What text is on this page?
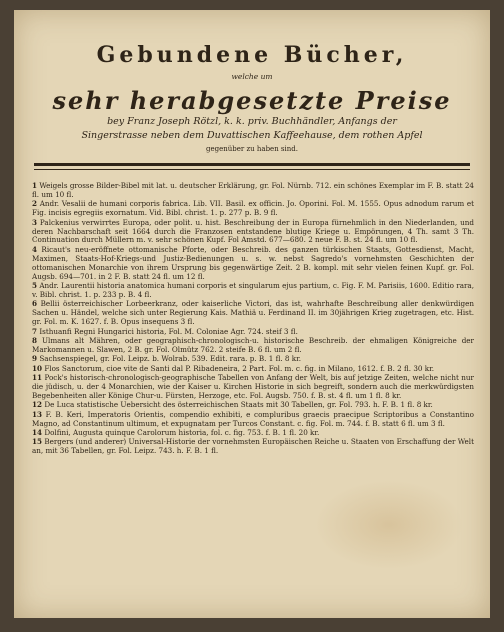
Gebundene Bücher,
welche um
sehr herabgesetzte Preise
bey Franz Joseph Rötzl, k. k. priv. Buchhändler, Anfangs der
Singerstrasse neben dem Duvattischen Kaffeehause, dem rothen Apfel
gegenüber zu haben sind.
1 Weigels grosse Bilder-Bibel mit lat. u. deutscher Erklärung, gr. Fol. Nürnb. 712. ein schönes Exemplar im F. B. statt 24 fl. um 10 fl.
2 Andr. Vesalii de humani corporis fabrica. Lib. VII. Basil. ex officin. Jo. Oporini. Fol. M. 1555. Opus adnodum rarum et Fig. incisis egregiis exornatum. Vid. Bibl. christ. 1. p. 277 p. B. 9 fl.
3 Palckenius verwirrtes Europa, oder polit. u. hist. Beschreibung der in Europa fürnehmlich in den Niederlanden, und deren Nachbarschaft seit 1664 durch die Franzosen entstandene blutige Kriege u. Empörungen, 4 Th. samt 3 Th. Continuation durch Müllern m. v. sehr schönen Kupf. Fol Amstd. 677—680. 2 neue F. B. st. 24 fl. um 10 fl.
4 Ricaut's neu-eröffnete ottomanische Pforte, oder Beschreib. des ganzen türkischen Staats, Gottesdienst, Macht, Maximen, Staats-Hof-Kriegs-und Justiz-Bedienungen u. s. w. nebst Sagredo's vornehmsten Geschichten der ottomanischen Monarchie von ihrem Ursprung bis gegenwärtige Zeit. 2 B. kompl. mit sehr vielen feinen Kupf. gr. Fol. Augsb. 694—701. in 2 F. B. statt 24 fl. um 12 fl.
5 Andr. Laurentii historia anatomica humani corporis et singularum ejus partium, c. Fig. F. M. Parisiis, 1600. Editio rara, v. Bibl. christ. 1. p. 233 p. B. 4 fl.
6 Bellii österreichischer Lorbeerkranz, oder kaiserliche Victori, das ist, wahrhafte Beschreibung aller denkwürdigen Sachen u. Händel, welche sich unter Regierung Kais. Mathiä u. Ferdinand II. im 30jährigen Krieg zugetragen, etc. Hist. gr. Fol. m. K. 1627. f. B. Opus insequens 3 fl.
7 Isthuanfi Regni Hungarici historia, Fol. M. Coloniae Agr. 724. steif 3 fl.
8 Ulmans alt Mähren, oder geographisch-chronologisch-u. historische Beschreib. der ehmaligen Königreiche der Markomannen u. Slawen, 2 B. gr. Fol. Olmütz 762. 2 steife B. 6 fl. um 2 fl.
9 Sachsenspiegel, gr. Fol. Leipz. b. Wolrab. 539. Edit. rara. p. B. 1 fl. 8 kr.
10 Flos Sanctorum, cioe vite de Santi dal P. Ribadeneira, 2 Part. Fol. m. c. fig. in Milano, 1612. f. B. 2 fl. 30 kr.
11 Pock's historisch-chronologisch-geographische Tabellen von Anfang der Welt, bis auf jetzige Zeiten, welche nicht nur die jüdisch, u. der 4 Monarchien, wie der Kaiser u. Kirchen Historie in sich begreift, sondern auch die merkwürdigsten Begebenheiten aller Könige Chur-u. Fürsten, Herzoge, etc. Fol. Augsb. 750. f. B. st. 4 fl. um 1 fl. 8 kr.
12 De Luca statistische Uebersicht des österreichischen Staats mit 30 Tabellen, gr. Fol. 793. h. F. B. 1 fl. 8 kr.
13 F. B. Keri, Imperatoris Orientis, compendio exhibiti, e compluribus graecis praecipue Scriptoribus a Constantino Magno, ad Constantinum ultimum, et expugnatam per Turcos Constant. c. fig. Fol. m. 744. f. B. statt 6 fl. um 3 fl.
14 Dolfini, Augusta quinque Carolorum historia, fol. c. fig. 753. f. B. 1 fl. 20 kr.
15 Bergers (und anderer) Universal-Historie der vornehmsten Europäischen Reiche u. Staaten von Erschaffung der Welt an, mit 36 Tabellen, gr. Fol. Leipz. 743. h. F. B. 1 fl.
